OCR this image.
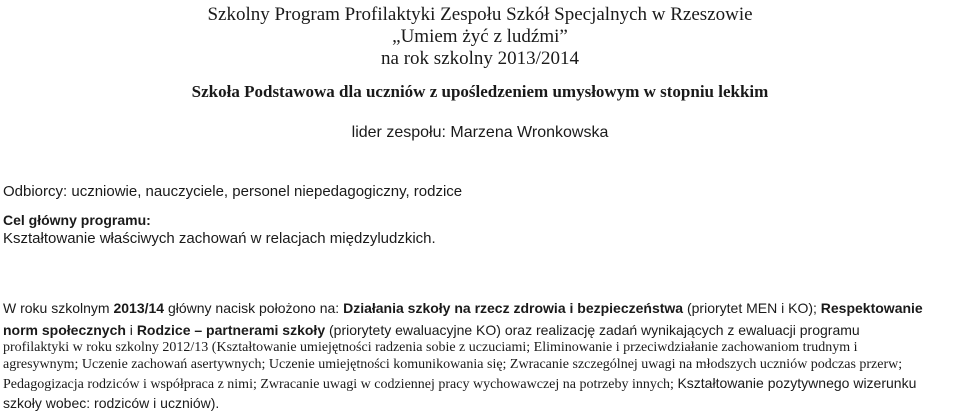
Szkolny Program Profilaktyki Zespołu Szkół Specjalnych w Rzeszowie
„Umiem żyć z ludźmi”
na rok szkolny 2013/2014
Szkoła Podstawowa dla uczniów z upośledzeniem umysłowym w stopniu lekkim
lider zespołu: Marzena Wronkowska
Odbiorcy: uczniowie, nauczyciele, personel niepedagogiczny, rodzice
Cel główny programu:
Kształtowanie właściwych zachowań w relacjach międzyludzkich.
W roku szkolnym 2013/14 główny nacisk położono na: Działania szkoły na rzecz zdrowia i bezpieczeństwa (priorytet MEN i KO); Respektowanie
norm społecznych i Rodzice – partnerami szkoły (priorytety ewaluacyjne KO) oraz realizację zadań wynikających z ewaluacji programu
profilaktyki w roku szkolny 2012/13 (Kształtowanie umiejętności radzenia sobie z uczuciami; Eliminowanie i przeciwdziałanie zachowaniom trudnym i
agresywnym; Uczenie zachowań asertywnych; Uczenie umiejętności komunikowania się; Zwracanie szczególnej uwagi na młodszych uczniów podczas przerw;
Pedagogizacja rodziców i współpraca z nimi; Zwracanie uwagi w codziennej pracy wychowawczej na potrzeby innych; Kształtowanie pozytywnego wizerunku
szkoły wobec: rodziców i uczniów).
